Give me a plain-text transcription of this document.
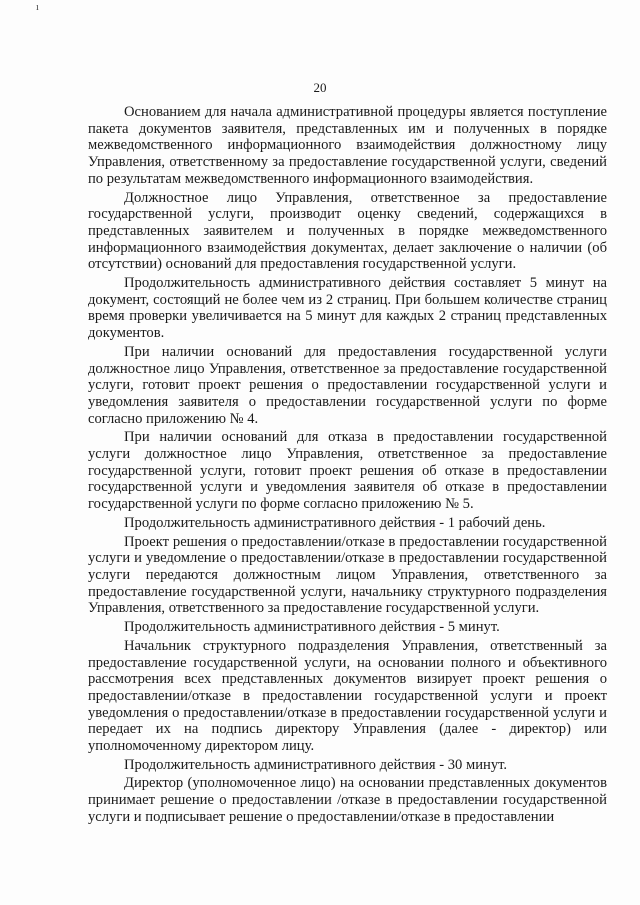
ı
20

Основанием для начала административной процедуры является поступление пакета документов заявителя, представленных им и полученных в порядке межведомственного информационного взаимодействия должностному лицу Управления, ответственному за предоставление государственной услуги, сведений по результатам межведомственного информационного взаимодействия.

Должностное лицо Управления, ответственное за предоставление государственной услуги, производит оценку сведений, содержащихся в представленных заявителем и полученных в порядке межведомственного информационного взаимодействия документах, делает заключение о наличии (об отсутствии) оснований для предоставления государственной услуги.

Продолжительность административного действия составляет 5 минут на документ, состоящий не более чем из 2 страниц. При большем количестве страниц время проверки увеличивается на 5 минут для каждых 2 страниц представленных документов.

При наличии оснований для предоставления государственной услуги должностное лицо Управления, ответственное за предоставление государственной услуги, готовит проект решения о предоставлении государственной услуги и уведомления заявителя о предоставлении государственной услуги по форме согласно приложению № 4.

При наличии оснований для отказа в предоставлении государственной услуги должностное лицо Управления, ответственное за предоставление государственной услуги, готовит проект решения об отказе в предоставлении государственной услуги и уведомления заявителя об отказе в предоставлении государственной услуги по форме согласно приложению № 5.

Продолжительность административного действия - 1 рабочий день.

Проект решения о предоставлении/отказе в предоставлении государственной услуги и уведомление о предоставлении/отказе в предоставлении государственной услуги передаются должностным лицом Управления, ответственного за предоставление государственной услуги, начальнику структурного подразделения Управления, ответственного за предоставление государственной услуги.

Продолжительность административного действия - 5 минут.

Начальник структурного подразделения Управления, ответственный за предоставление государственной услуги, на основании полного и объективного рассмотрения всех представленных документов визирует проект решения о предоставлении/отказе в предоставлении государственной услуги и проект уведомления о предоставлении/отказе в предоставлении государственной услуги и передает их на подпись директору Управления (далее - директор) или уполномоченному директором лицу.

Продолжительность административного действия - 30 минут.

Директор (уполномоченное лицо) на основании представленных документов принимает решение о предоставлении /отказе в предоставлении государственной услуги и подписывает решение о предоставлении/отказе в предоставлении
